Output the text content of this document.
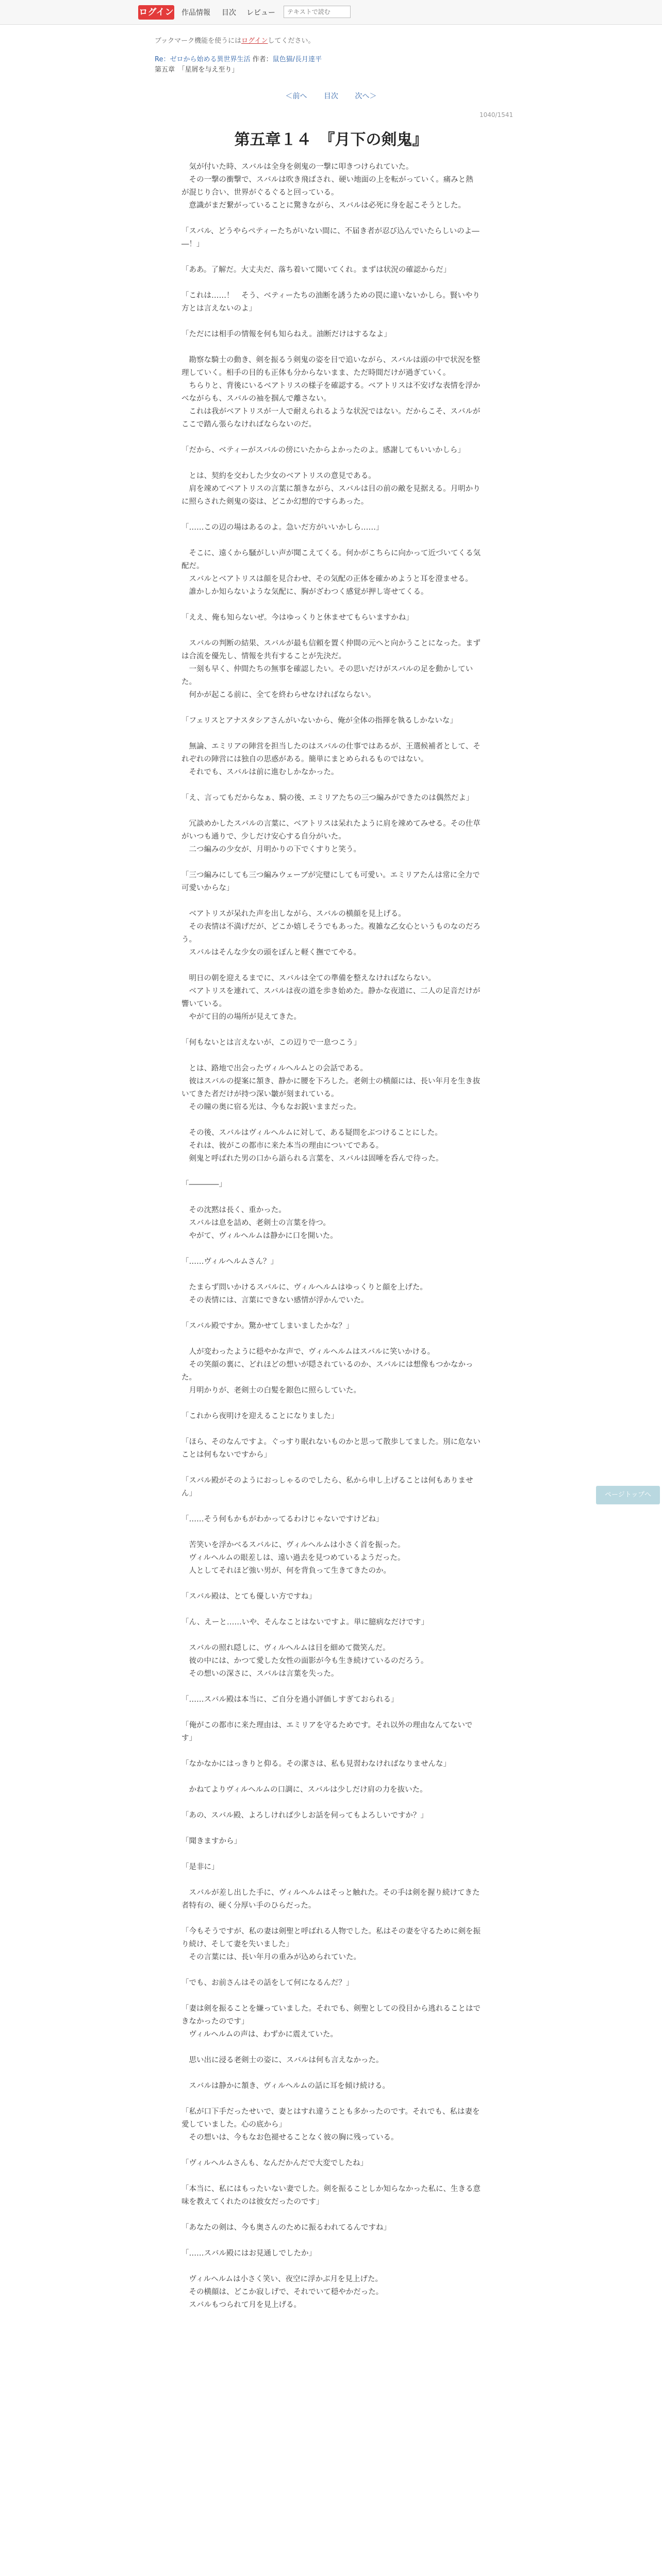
ログイン 作品情報 目次 レビュー
テキストで読む
ブックマーク機能を使うにはログインしてください。
Re：ゼロから始める異世界生活 作者：鼠色猫/長月達平
第五章　「星屑を与え至り」
＜前へ 目次 次へ＞
1040/1541
第五章１４　『月下の剣鬼』

　気が付いた時、スバルは全身を剣鬼の一撃に叩きつけられていた。
　その一撃の衝撃で、スバルは吹き飛ばされ、硬い地面の上を転がっていく。痛みと熱が混じり合い、世界がぐるぐると回っている。
　意識がまだ繋がっていることに驚きながら、スバルは必死に身を起こそうとした。

「スバル、どうやらペティーたちがいない間に、不届き者が忍び込んでいたらしいのよ――！」

「ああ。了解だ。大丈夫だ、落ち着いて聞いてくれ。まずは状況の確認からだ」

「これは……！　そう、ベティーたちの油断を誘うための罠に違いないかしら。賢いやり方とは言えないのよ」

「ただには相手の情報を何も知らねえ。油断だけはするなよ」

　勘察な騎士の動き、剣を振るう剣鬼の姿を目で追いながら、スバルは頭の中で状況を整理していく。相手の目的も正体も分からないまま、ただ時間だけが過ぎていく。
　ちらりと、背後にいるベアトリスの様子を確認する。ベアトリスは不安げな表情を浮かべながらも、スバルの袖を掴んで離さない。
　これは我がベアトリスが一人で耐えられるような状況ではない。だからこそ、スバルがここで踏ん張らなければならないのだ。

「だから、ベティーがスバルの傍にいたからよかったのよ。感謝してもいいかしら」

　とは、契約を交わした少女のベアトリスの意見である。
　肩を竦めてベアトリスの言葉に頷きながら、スバルは目の前の敵を見据える。月明かりに照らされた剣鬼の姿は、どこか幻想的ですらあった。

「……この辺の場はあるのよ。急いだ方がいいかしら……」

　そこに、遠くから騒がしい声が聞こえてくる。何かがこちらに向かって近づいてくる気配だ。
　スバルとベアトリスは顔を見合わせ、その気配の正体を確かめようと耳を澄ませる。
　誰かしか知らないような気配に、胸がざわつく感覚が押し寄せてくる。

「ええ、俺も知らないぜ。今はゆっくりと休ませてもらいますかね」

　スバルの判断の結果、スバルが最も信頼を置く仲間の元へと向かうことになった。まずは合流を優先し、情報を共有することが先決だ。
　一刻も早く、仲間たちの無事を確認したい。その思いだけがスバルの足を動かしていた。
　何かが起こる前に、全てを終わらせなければならない。

「フェリスとアナスタシアさんがいないから、俺が全体の指揮を執るしかないな」

　無論、エミリアの陣営を担当したのはスバルの仕事ではあるが、王選候補者として、それぞれの陣営には独自の思惑がある。簡単にまとめられるものではない。
　それでも、スバルは前に進むしかなかった。

「え、言ってもだからなぁ、騎の後、エミリアたちの三つ編みができたのは偶然だよ」

　冗談めかしたスバルの言葉に、ベアトリスは呆れたように肩を竦めてみせる。その仕草がいつも通りで、少しだけ安心する自分がいた。
　二つ編みの少女が、月明かりの下でくすりと笑う。

「三つ編みにしても三つ編みウェーブが完璧にしても可愛い。エミリアたんは常に全力で可愛いからな」

　ベアトリスが呆れた声を出しながら、スバルの横顔を見上げる。
　その表情は不満げだが、どこか嬉しそうでもあった。複雑な乙女心というものなのだろう。
　スバルはそんな少女の頭をぽんと軽く撫でてやる。

　明日の朝を迎えるまでに、スバルは全ての準備を整えなければならない。
　ベアトリスを連れて、スバルは夜の道を歩き始めた。静かな夜道に、二人の足音だけが響いている。
　やがて目的の場所が見えてきた。

「何もないとは言えないが、この辺りで一息つこう」

　とは、路地で出会ったヴィルヘルムとの会話である。
　彼はスバルの提案に頷き、静かに腰を下ろした。老剣士の横顔には、長い年月を生き抜いてきた者だけが持つ深い皺が刻まれている。
　その瞳の奥に宿る光は、今もなお鋭いままだった。

　その後、スバルはヴィルヘルムに対して、ある疑問をぶつけることにした。
　それは、彼がこの都市に来た本当の理由についてである。
　剣鬼と呼ばれた男の口から語られる言葉を、スバルは固唾を呑んで待った。

「――――」

　その沈黙は長く、重かった。
　スバルは息を詰め、老剣士の言葉を待つ。
　やがて、ヴィルヘルムは静かに口を開いた。

「……ヴィルヘルムさん？」

　たまらず問いかけるスバルに、ヴィルヘルムはゆっくりと顔を上げた。
　その表情には、言葉にできない感情が浮かんでいた。

「スバル殿ですか。驚かせてしまいましたかな？」

　人が変わったように穏やかな声で、ヴィルヘルムはスバルに笑いかける。
　その笑顔の裏に、どれほどの想いが隠されているのか、スバルには想像もつかなかった。
　月明かりが、老剣士の白髪を銀色に照らしていた。

「これから夜明けを迎えることになりました」

「ほら、そのなんですよ。ぐっすり眠れないものかと思って散歩してました。別に危ないことは何もないですから」

「スバル殿がそのようにおっしゃるのでしたら、私から申し上げることは何もありません」

「……そう何もかもがわかってるわけじゃないですけどね」

　苦笑いを浮かべるスバルに、ヴィルヘルムは小さく首を振った。
　ヴィルヘルムの眼差しは、遠い過去を見つめているようだった。
　人としてそれほど強い男が、何を背負って生きてきたのか。

「スバル殿は、とても優しい方ですね」

「ん、えーと……いや、そんなことはないですよ。単に臆病なだけです」

　スバルの照れ隠しに、ヴィルヘルムは目を細めて微笑んだ。
　彼の中には、かつて愛した女性の面影が今も生き続けているのだろう。
　その想いの深さに、スバルは言葉を失った。

「……スバル殿は本当に、ご自分を過小評価しすぎておられる」

「俺がこの都市に来た理由は、エミリアを守るためです。それ以外の理由なんてないです」

「なかなかにはっきりと仰る。その潔さは、私も見習わなければなりませんな」

　かねてよりヴィルヘルムの口調に、スバルは少しだけ肩の力を抜いた。

「あの、スバル殿、よろしければ少しお話を伺ってもよろしいですか？」

「聞きますから」

「是非に」

　スバルが差し出した手に、ヴィルヘルムはそっと触れた。その手は剣を握り続けてきた者特有の、硬く分厚い手のひらだった。

「今もそうですが、私の妻は剣聖と呼ばれる人物でした。私はその妻を守るために剣を振り続け、そして妻を失いました」
　その言葉には、長い年月の重みが込められていた。

「でも、お前さんはその話をして何になるんだ？」

「妻は剣を振ることを嫌っていました。それでも、剣聖としての役目から逃れることはできなかったのです」
　ヴィルヘルムの声は、わずかに震えていた。

　思い出に浸る老剣士の姿に、スバルは何も言えなかった。

　スバルは静かに頷き、ヴィルヘルムの話に耳を傾け続ける。

「私が口下手だったせいで、妻とはすれ違うことも多かったのです。それでも、私は妻を愛していました。心の底から」
　その想いは、今もなお色褪せることなく彼の胸に残っている。

「ヴィルヘルムさんも、なんだかんだで大変でしたね」

「本当に、私にはもったいない妻でした。剣を振ることしか知らなかった私に、生きる意味を教えてくれたのは彼女だったのです」

「あなたの剣は、今も奥さんのために振るわれてるんですね」

「……スバル殿にはお見通しでしたか」

　ヴィルヘルムは小さく笑い、夜空に浮かぶ月を見上げた。
　その横顔は、どこか寂しげで、それでいて穏やかだった。
　スバルもつられて月を見上げる。

ページトップへ
